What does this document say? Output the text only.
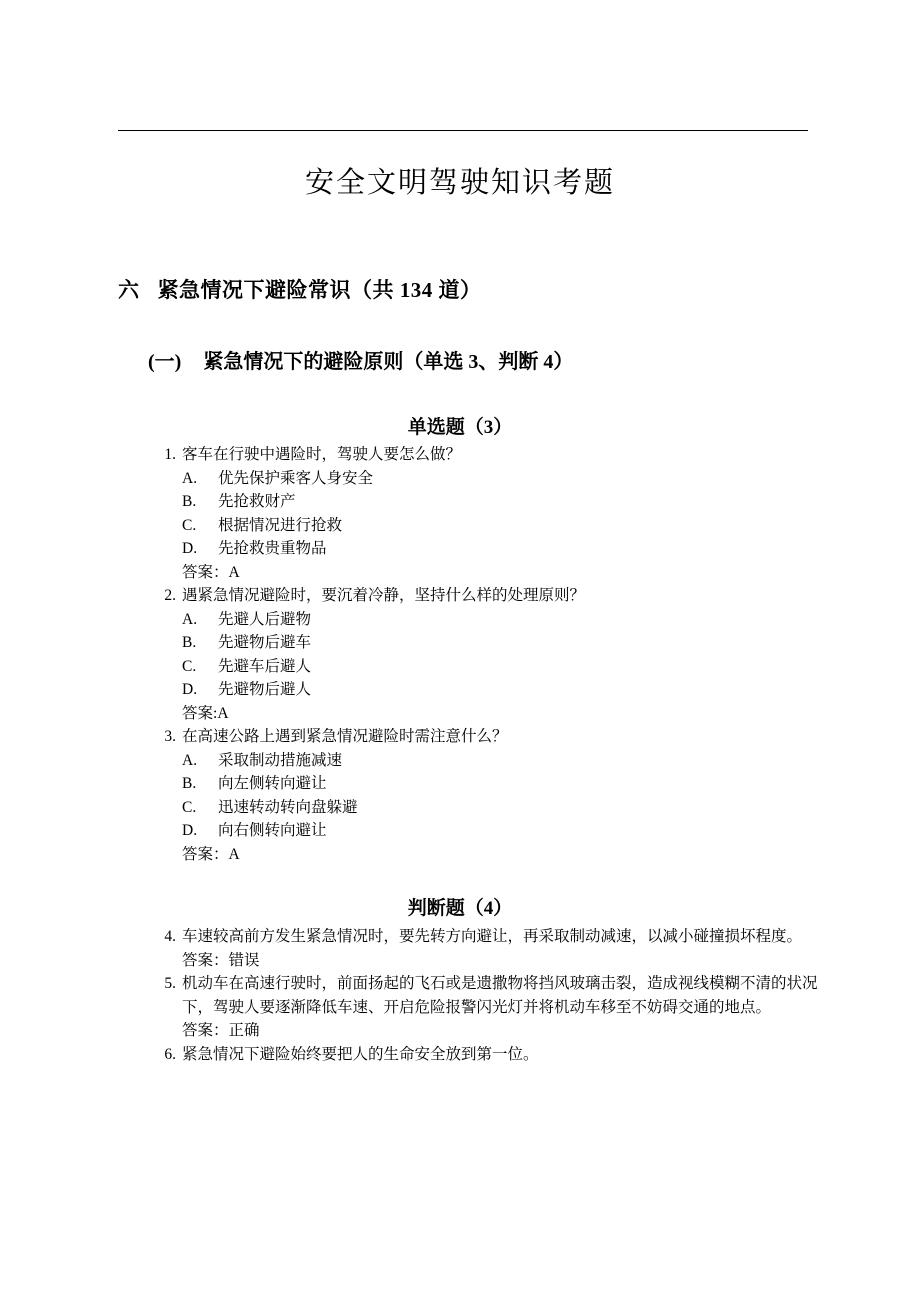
安全文明驾驶知识考题
六 紧急情况下避险常识（共 134 道）
(一) 紧急情况下的避险原则（单选 3、判断 4）
单选题（3）
1. 客车在行驶中遇险时，驾驶人要怎么做？
A.	优先保护乘客人身安全
B.	先抢救财产
C.	根据情况进行抢救
D.	先抢救贵重物品
答案：A
2. 遇紧急情况避险时，要沉着冷静，坚持什么样的处理原则？
A.	先避人后避物
B.	先避物后避车
C.	先避车后避人
D.	先避物后避人
答案:A
3. 在高速公路上遇到紧急情况避险时需注意什么？
A.	采取制动措施减速
B.	向左侧转向避让
C.	迅速转动转向盘躲避
D.	向右侧转向避让
答案：A
判断题（4）
4. 车速较高前方发生紧急情况时，要先转方向避让，再采取制动减速，以减小碰撞损坏程度。
答案：错误
5. 机动车在高速行驶时，前面扬起的飞石或是遗撒物将挡风玻璃击裂，造成视线模糊不清的状况下，驾驶人要逐渐降低车速、开启危险报警闪光灯并将机动车移至不妨碍交通的地点。
答案：正确
6. 紧急情况下避险始终要把人的生命安全放到第一位。
